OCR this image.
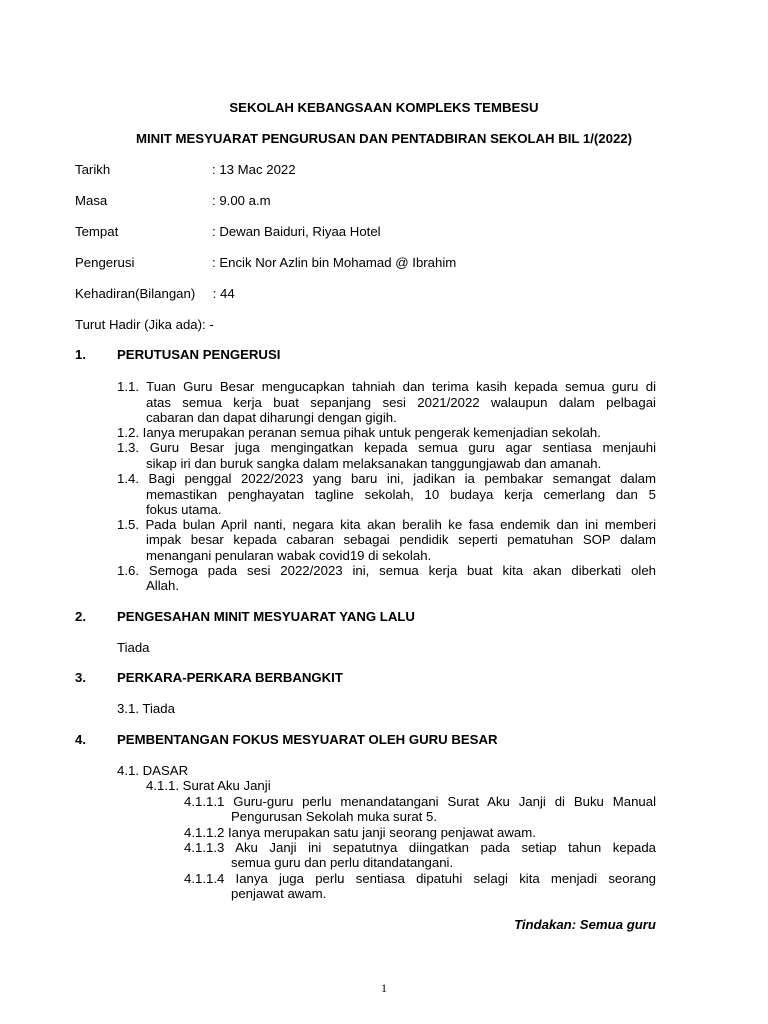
SEKOLAH KEBANGSAAN KOMPLEKS TEMBESU
MINIT MESYUARAT PENGURUSAN DAN PENTADBIRAN SEKOLAH BIL 1/(2022)
Tarikh	: 13 Mac 2022
Masa	: 9.00 a.m
Tempat	: Dewan Baiduri, Riyaa Hotel
Pengerusi	: Encik Nor Azlin bin Mohamad @ Ibrahim
Kehadiran(Bilangan) : 44
Turut Hadir (Jika ada): -
1. PERUTUSAN PENGERUSI
1.1. Tuan Guru Besar mengucapkan tahniah dan terima kasih kepada semua guru di
atas semua kerja buat sepanjang sesi 2021/2022 walaupun dalam pelbagai
cabaran dan dapat diharungi dengan gigih.
1.2. Ianya merupakan peranan semua pihak untuk pengerak kemenjadian sekolah.
1.3. Guru Besar juga mengingatkan kepada semua guru agar sentiasa menjauhi
sikap iri dan buruk sangka dalam melaksanakan tanggungjawab dan amanah.
1.4. Bagi penggal 2022/2023 yang baru ini, jadikan ia pembakar semangat dalam
memastikan penghayatan tagline sekolah, 10 budaya kerja cemerlang dan 5
fokus utama.
1.5. Pada bulan April nanti, negara kita akan beralih ke fasa endemik dan ini memberi
impak besar kepada cabaran sebagai pendidik seperti pematuhan SOP dalam
menangani penularan wabak covid19 di sekolah.
1.6. Semoga pada sesi 2022/2023 ini, semua kerja buat kita akan diberkati oleh
Allah.
2. PENGESAHAN MINIT MESYUARAT YANG LALU
Tiada
3. PERKARA-PERKARA BERBANGKIT
3.1. Tiada
4. PEMBENTANGAN FOKUS MESYUARAT OLEH GURU BESAR
4.1. DASAR
4.1.1. Surat Aku Janji
4.1.1.1 Guru-guru perlu menandatangani Surat Aku Janji di Buku Manual
Pengurusan Sekolah muka surat 5.
4.1.1.2 Ianya merupakan satu janji seorang penjawat awam.
4.1.1.3 Aku Janji ini sepatutnya diingatkan pada setiap tahun kepada
semua guru dan perlu ditandatangani.
4.1.1.4 Ianya juga perlu sentiasa dipatuhi selagi kita menjadi seorang
penjawat awam.
Tindakan: Semua guru
1
